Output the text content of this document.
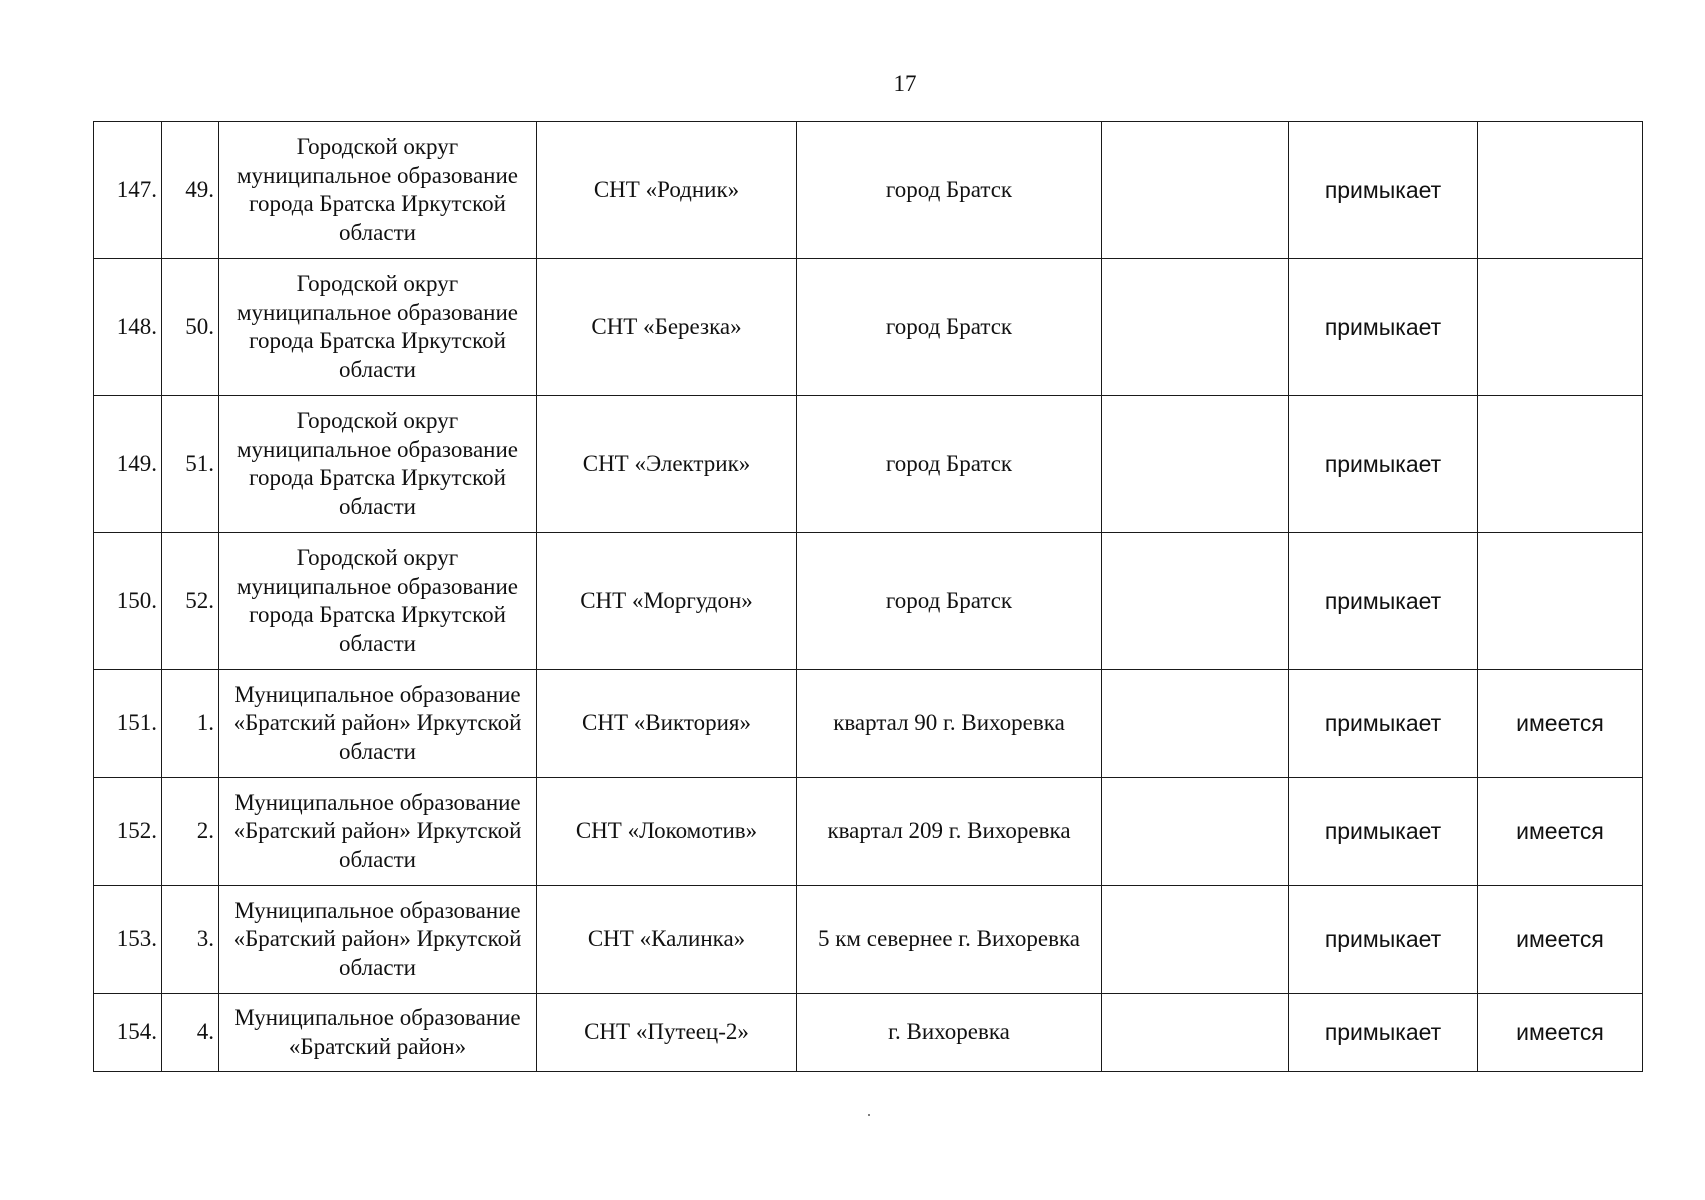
17
147.	49.	Городской округ муниципальное образование города Братска Иркутской области	СНТ «Родник»	город Братск		примыкает	
148.	50.	Городской округ муниципальное образование города Братска Иркутской области	СНТ «Березка»	город Братск		примыкает	
149.	51.	Городской округ муниципальное образование города Братска Иркутской области	СНТ «Электрик»	город Братск		примыкает	
150.	52.	Городской округ муниципальное образование города Братска Иркутской области	СНТ «Моргудон»	город Братск		примыкает	
151.	1.	Муниципальное образование «Братский район» Иркутской области	СНТ «Виктория»	квартал 90 г. Вихоревка		примыкает	имеется
152.	2.	Муниципальное образование «Братский район» Иркутской области	СНТ «Локомотив»	квартал 209 г. Вихоревка		примыкает	имеется
153.	3.	Муниципальное образование «Братский район» Иркутской области	СНТ «Калинка»	5 км севернее г. Вихоревка		примыкает	имеется
154.	4.	Муниципальное образование «Братский район»	СНТ «Путеец-2»	г. Вихоревка		примыкает	имеется
